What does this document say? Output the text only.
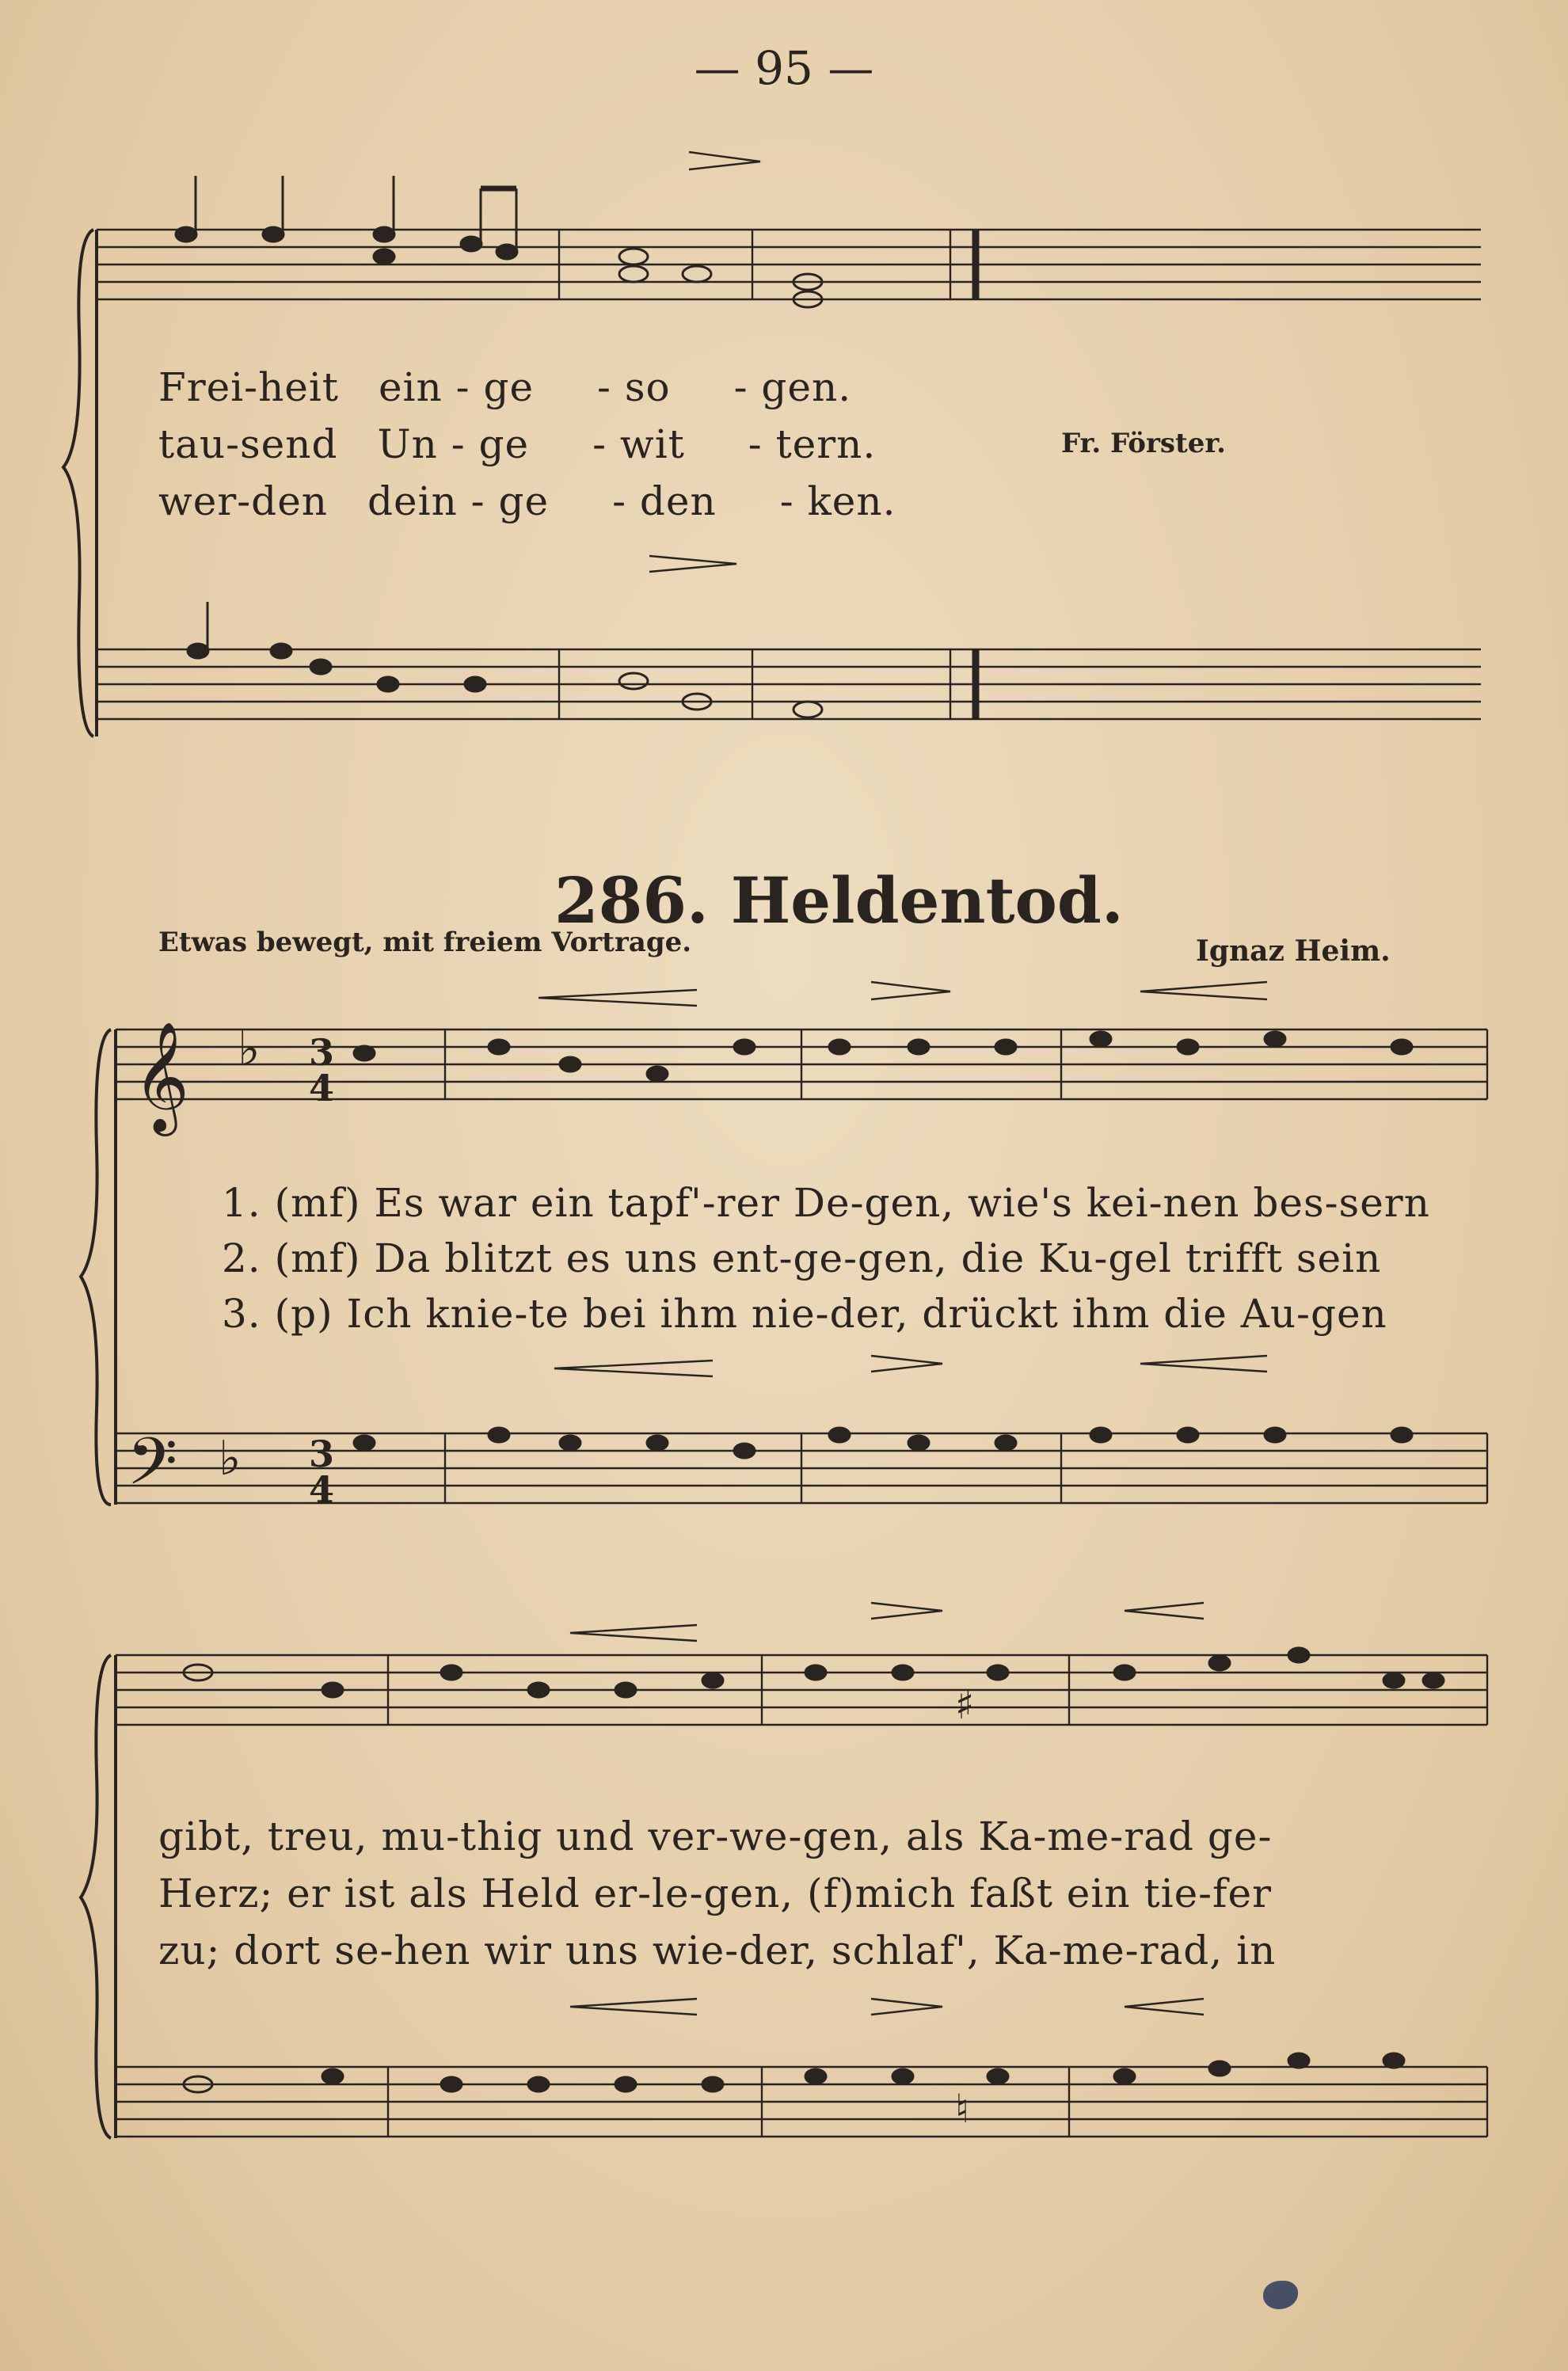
𝄞
𝄢
♭
♭
3
4
3
4
♯
♮
— 95 —
Frei-heit ein ‑ ge ‑ so ‑ gen.
tau-send Un ‑ ge ‑ wit ‑ tern.
wer-den dein ‑ ge ‑ den ‑ ken.
Fr. Förster.
286. Heldentod.
Etwas bewegt, mit freiem Vortrage.	Ignaz Heim.
1. (mf) Es war ein tapf'-rer De-gen, wie's kei-nen bes-sern
2. (mf) Da blitzt es uns ent-ge-gen, die Ku-gel trifft sein
3. (p) Ich knie-te bei ihm nie-der, drückt ihm die Au-gen
gibt, treu, mu-thig und ver-we-gen, als Ka-me-rad ge-
Herz; er ist als Held er-le-gen, (f)mich faßt ein tie-fer
zu; dort se-hen wir uns wie-der, schlaf', Ka-me-rad, in
